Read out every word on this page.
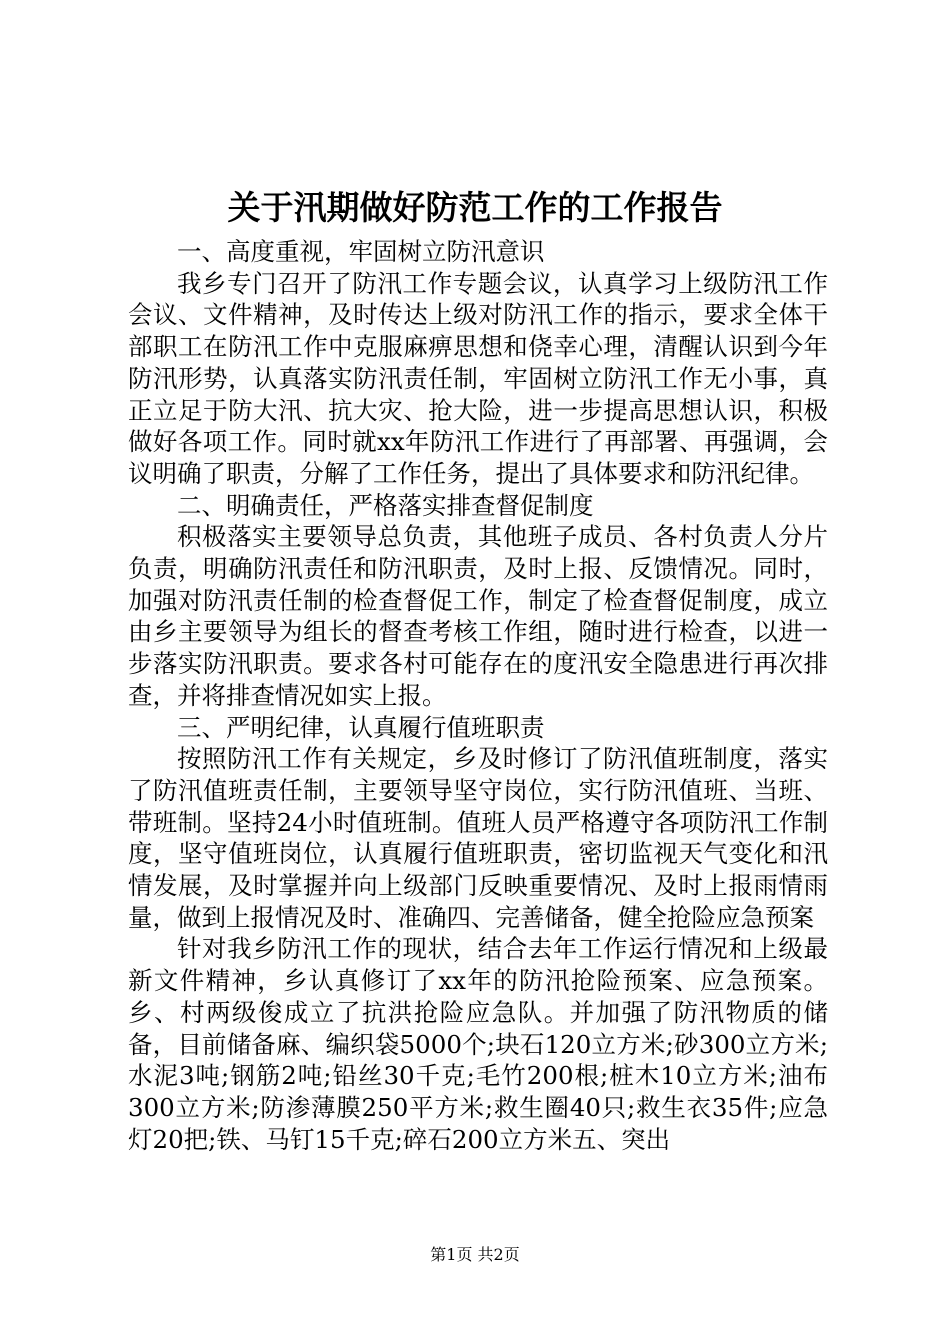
关于汛期做好防范工作的工作报告

一、高度重视，牢固树立防汛意识

我乡专门召开了防汛工作专题会议，认真学习上级防汛工作会议、文件精神，及时传达上级对防汛工作的指示，要求全体干部职工在防汛工作中克服麻痹思想和侥幸心理，清醒认识到今年防汛形势，认真落实防汛责任制，牢固树立防汛工作无小事，真正立足于防大汛、抗大灾、抢大险，进一步提高思想认识，积极做好各项工作。同时就xx年防汛工作进行了再部署、再强调，会议明确了职责，分解了工作任务，提出了具体要求和防汛纪律。

二、明确责任，严格落实排查督促制度

积极落实主要领导总负责，其他班子成员、各村负责人分片负责，明确防汛责任和防汛职责，及时上报、反馈情况。同时，加强对防汛责任制的检查督促工作，制定了检查督促制度，成立由乡主要领导为组长的督查考核工作组，随时进行检查，以进一步落实防汛职责。要求各村可能存在的度汛安全隐患进行再次排查，并将排查情况如实上报。

三、严明纪律，认真履行值班职责

按照防汛工作有关规定，乡及时修订了防汛值班制度，落实了防汛值班责任制，主要领导坚守岗位，实行防汛值班、当班、带班制。坚持24小时值班制。值班人员严格遵守各项防汛工作制度，坚守值班岗位，认真履行值班职责，密切监视天气变化和汛情发展，及时掌握并向上级部门反映重要情况、及时上报雨情雨量，做到上报情况及时、准确四、完善储备，健全抢险应急预案

针对我乡防汛工作的现状，结合去年工作运行情况和上级最新文件精神，乡认真修订了xx年的防汛抢险预案、应急预案。乡、村两级俊成立了抗洪抢险应急队。并加强了防汛物质的储备，目前储备麻、编织袋5000个;块石120立方米;砂300立方米;水泥3吨;钢筋2吨;铅丝30千克;毛竹200根;桩木10立方米;油布300立方米;防渗薄膜250平方米;救生圈40只;救生衣35件;应急灯20把;铁、马钉15千克;碎石200立方米五、突出

第1页 共2页
